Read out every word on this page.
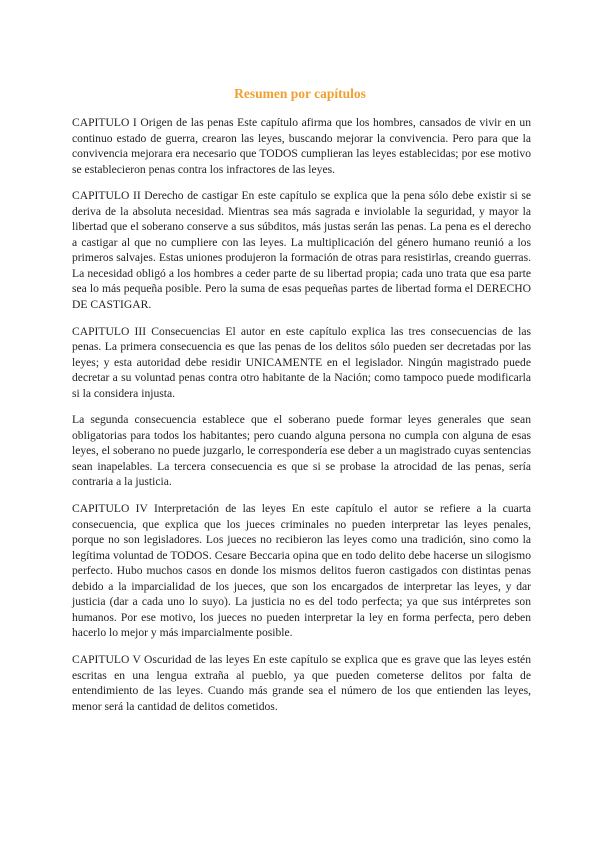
Resumen por capítulos

CAPITULO I Origen de las penas Este capítulo afirma que los hombres, cansados de vivir en un continuo estado de guerra, crearon las leyes, buscando mejorar la convivencia. Pero para que la convivencia mejorara era necesario que TODOS cumplieran las leyes establecidas; por ese motivo se establecieron penas contra los infractores de las leyes.

CAPITULO II Derecho de castigar En este capítulo se explica que la pena sólo debe existir si se deriva de la absoluta necesidad. Mientras sea más sagrada e inviolable la seguridad, y mayor la libertad que el soberano conserve a sus súbditos, más justas serán las penas. La pena es el derecho a castigar al que no cumpliere con las leyes. La multiplicación del género humano reunió a los primeros salvajes. Estas uniones produjeron la formación de otras para resistirlas, creando guerras. La necesidad obligó a los hombres a ceder parte de su libertad propia; cada uno trata que esa parte sea lo más pequeña posible. Pero la suma de esas pequeñas partes de libertad forma el DERECHO DE CASTIGAR.

CAPITULO III Consecuencias El autor en este capítulo explica las tres consecuencias de las penas. La primera consecuencia es que las penas de los delitos sólo pueden ser decretadas por las leyes; y esta autoridad debe residir UNICAMENTE en el legislador. Ningún magistrado puede decretar a su voluntad penas contra otro habitante de la Nación; como tampoco puede modificarla si la considera injusta.

La segunda consecuencia establece que el soberano puede formar leyes generales que sean obligatorias para todos los habitantes; pero cuando alguna persona no cumpla con alguna de esas leyes, el soberano no puede juzgarlo, le correspondería ese deber a un magistrado cuyas sentencias sean inapelables. La tercera consecuencia es que si se probase la atrocidad de las penas, sería contraria a la justicia.

CAPITULO IV Interpretación de las leyes En este capítulo el autor se refiere a la cuarta consecuencia, que explica que los jueces criminales no pueden interpretar las leyes penales, porque no son legisladores. Los jueces no recibieron las leyes como una tradición, sino como la legítima voluntad de TODOS. Cesare Beccaria opina que en todo delito debe hacerse un silogismo perfecto. Hubo muchos casos en donde los mismos delitos fueron castigados con distintas penas debido a la imparcialidad de los jueces, que son los encargados de interpretar las leyes, y dar justicia (dar a cada uno lo suyo). La justicia no es del todo perfecta; ya que sus intérpretes son humanos. Por ese motivo, los jueces no pueden interpretar la ley en forma perfecta, pero deben hacerlo lo mejor y más imparcialmente posible.

CAPITULO V Oscuridad de las leyes En este capítulo se explica que es grave que las leyes estén escritas en una lengua extraña al pueblo, ya que pueden cometerse delitos por falta de entendimiento de las leyes. Cuando más grande sea el número de los que entienden las leyes, menor será la cantidad de delitos cometidos.
